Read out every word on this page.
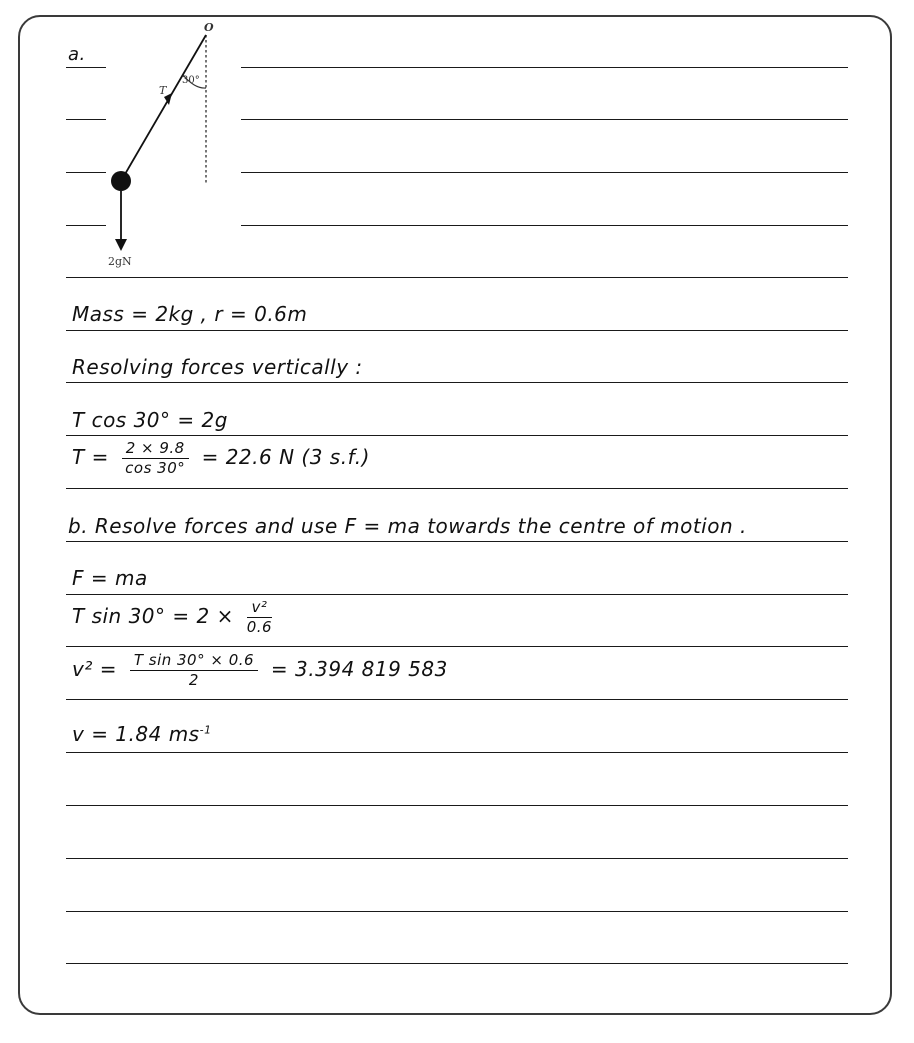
a.
O
30°
T
2gN
Mass = 2kg , r = 0.6m
Resolving forces vertically :
T cos 30° = 2g
$T = \frac{2 \times 9.8}{\cos 30^\circ} = 22.6$ N (3 s.f.)
b. Resolve forces and use F = ma towards the centre of motion .
F = ma
T $\sin 30^\circ = 2 \times \frac{\text{v²}}{0.6}$
$v^2 = \frac{\text{T sin 30° × 0.6}}{2} = 3.394$ 819 583
v = 1.84 $ms^{-1}$
